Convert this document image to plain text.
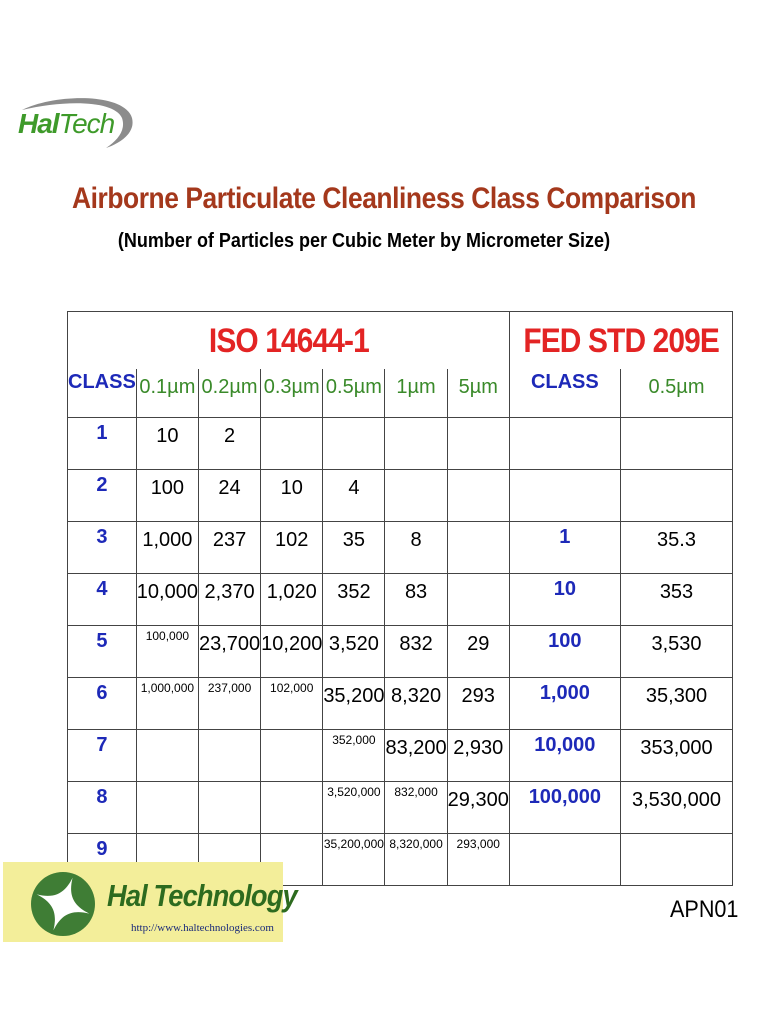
HalTech
Airborne Particulate Cleanliness Class Comparison
(Number of Particles per Cubic Meter by Micrometer Size)
ISO 14644-1							FED STD 209E	
CLASS	0.1µm	0.2µm	0.3µm	0.5µm	1µm	5µm	CLASS	0.5µm
1	10	2						
2	100	24	10	4				
3	1,000	237	102	35	8		1	35.3
4	10,000	2,370	1,020	352	83		10	353
5	100,000	23,700	10,200	3,520	832	29	100	3,530
6	1,000,000	237,000	102,000	35,200	8,320	293	1,000	35,300
7				352,000	83,200	2,930	10,000	353,000
8				3,520,000	832,000	29,300	100,000	3,530,000
9				35,200,000	8,320,000	293,000		
Hal Technology
http://www.haltechnologies.com
APN01
